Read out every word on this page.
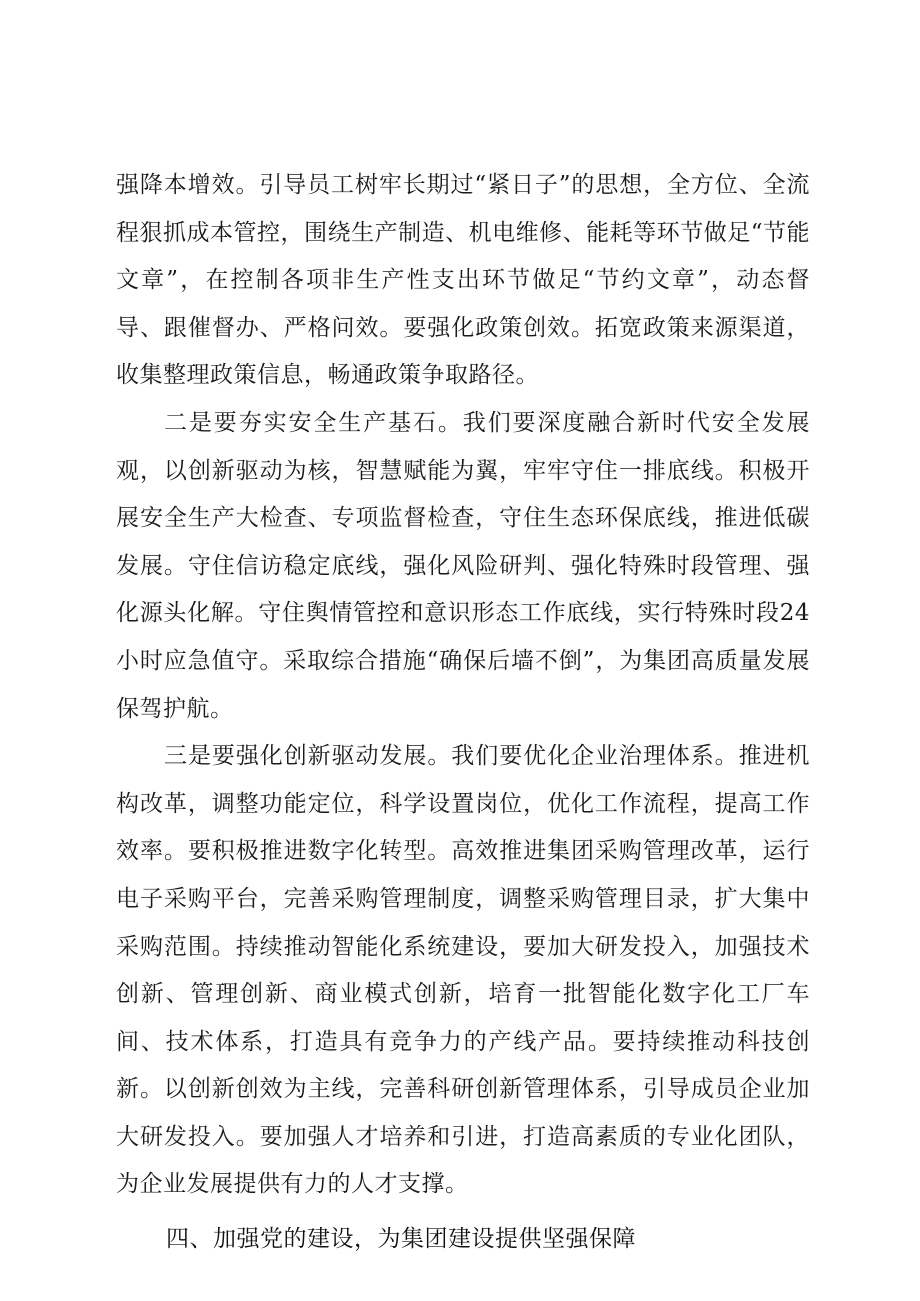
强降本增效。引导员工树牢长期过“紧日子”的思想，全方位、全流程狠抓成本管控，围绕生产制造、机电维修、能耗等环节做足“节能文章”，在控制各项非生产性支出环节做足“节约文章”，动态督导、跟催督办、严格问效。要强化政策创效。拓宽政策来源渠道，收集整理政策信息，畅通政策争取路径。

二是要夯实安全生产基石。我们要深度融合新时代安全发展观，以创新驱动为核，智慧赋能为翼，牢牢守住一排底线。积极开展安全生产大检查、专项监督检查，守住生态环保底线，推进低碳发展。守住信访稳定底线，强化风险研判、强化特殊时段管理、强化源头化解。守住舆情管控和意识形态工作底线，实行特殊时段24小时应急值守。采取综合措施“确保后墙不倒”，为集团高质量发展保驾护航。

三是要强化创新驱动发展。我们要优化企业治理体系。推进机构改革，调整功能定位，科学设置岗位，优化工作流程，提高工作效率。要积极推进数字化转型。高效推进集团采购管理改革，运行电子采购平台，完善采购管理制度，调整采购管理目录，扩大集中采购范围。持续推动智能化系统建设，要加大研发投入，加强技术创新、管理创新、商业模式创新，培育一批智能化数字化工厂车间、技术体系，打造具有竞争力的产线产品。要持续推动科技创新。以创新创效为主线，完善科研创新管理体系，引导成员企业加大研发投入。要加强人才培养和引进，打造高素质的专业化团队，为企业发展提供有力的人才支撑。

四、加强党的建设，为集团建设提供坚强保障
